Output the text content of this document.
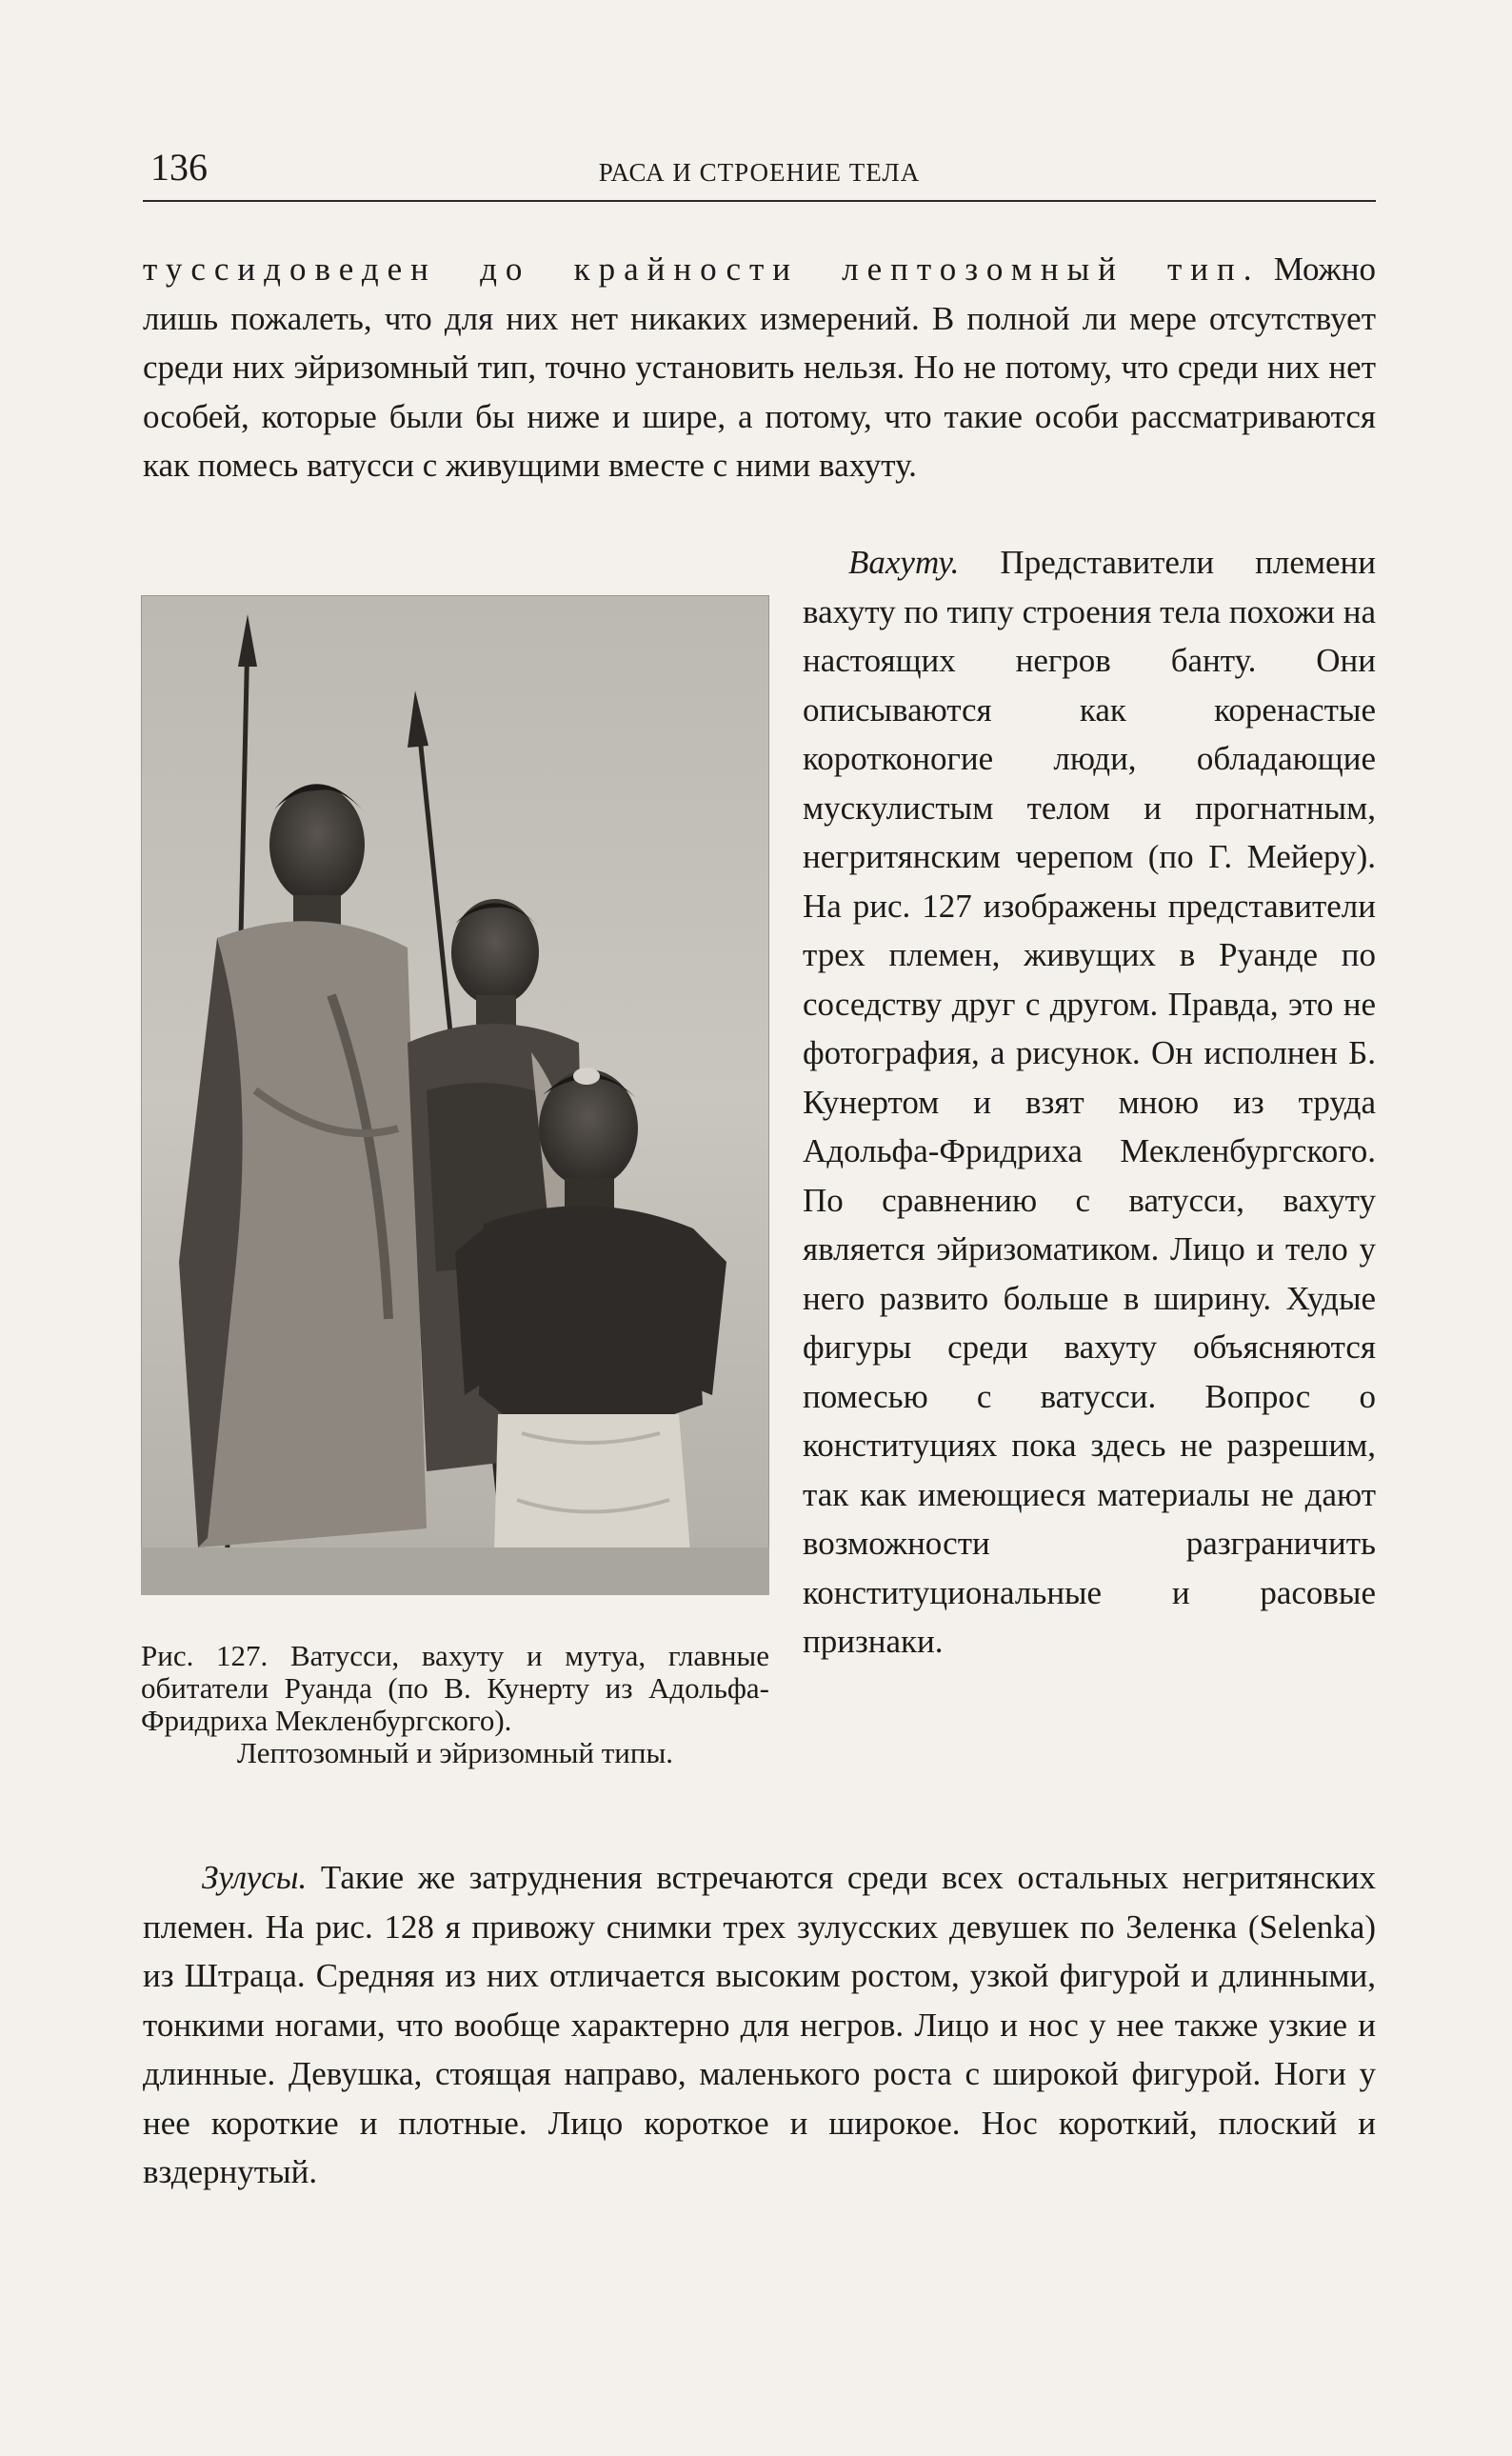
136	РАСА И СТРОЕНИЕ ТЕЛА
туссидоведен до крайности лептозомный тип. Можно лишь пожалеть, что для них нет никаких измерений. В полной ли мере отсутствует среди них эйризомный тип, точно установить нельзя. Но не потому, что среди них нет особей, которые были бы ниже и шире, а потому, что такие особи рассматриваются как помесь ватусси с живущими вместе с ними вахуту.
Рис. 127. Ватусси, вахуту и мутуа, главные обитатели Руанда (по В. Кунерту из Адольфа-Фридриха Мекленбургского).
Лептозомный и эйризомный типы.
Вахуту. Представители племени вахуту по типу строения тела похожи на настоящих негров банту. Они описываются как коренастые коротконогие люди, обладающие мускулистым телом и прогнатным, негритянским черепом (по Г. Мейеру). На рис. 127 изображены представители трех племен, живущих в Руанде по соседству друг с другом. Правда, это не фотография, а рисунок. Он исполнен Б. Кунертом и взят мною из труда Адольфа-Фридриха Мекленбургского. По сравнению с ватусси, вахуту является эйризоматиком. Лицо и тело у него развито больше в ширину. Худые фигуры среди вахуту объясняются помесью с ватусси. Вопрос о конституциях пока здесь не разрешим, так как имеющиеся материалы не дают возможности разграничить конституциональные и расовые признаки.
Зулусы. Такие же затруднения встречаются среди всех остальных негритянских племен. На рис. 128 я привожу снимки трех зулусских девушек по Зеленка (Selenka) из Штраца. Средняя из них отличается высоким ростом, узкой фигурой и длинными, тонкими ногами, что вообще характерно для негров. Лицо и нос у нее также узкие и длинные. Девушка, стоящая направо, маленького роста с широкой фигурой. Ноги у нее короткие и плотные. Лицо короткое и широкое. Нос короткий, плоский и вздернутый.
